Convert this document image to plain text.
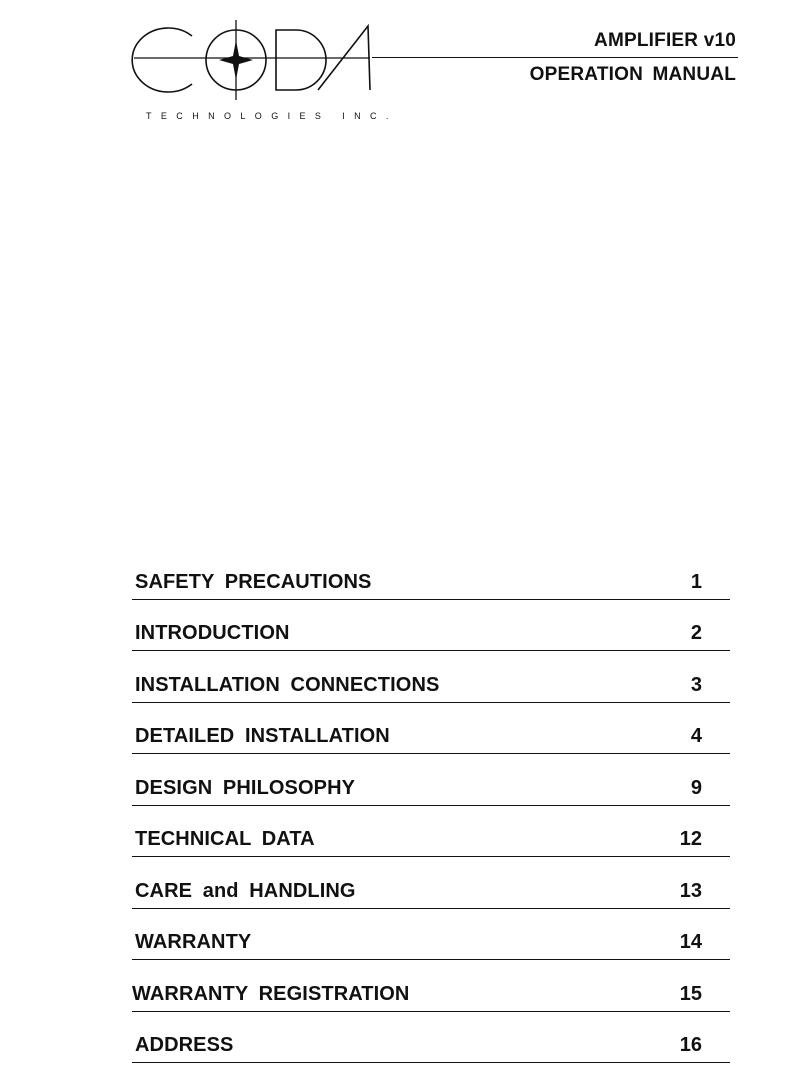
TECHNOLOGIES INC.
AMPLIFIER v10
OPERATION MANUAL
SAFETY PRECAUTIONS	1
INTRODUCTION	2
INSTALLATION CONNECTIONS	3
DETAILED INSTALLATION	4
DESIGN PHILOSOPHY	9
TECHNICAL DATA	12
CARE and HANDLING	13
WARRANTY	14
WARRANTY REGISTRATION	15
ADDRESS	16
